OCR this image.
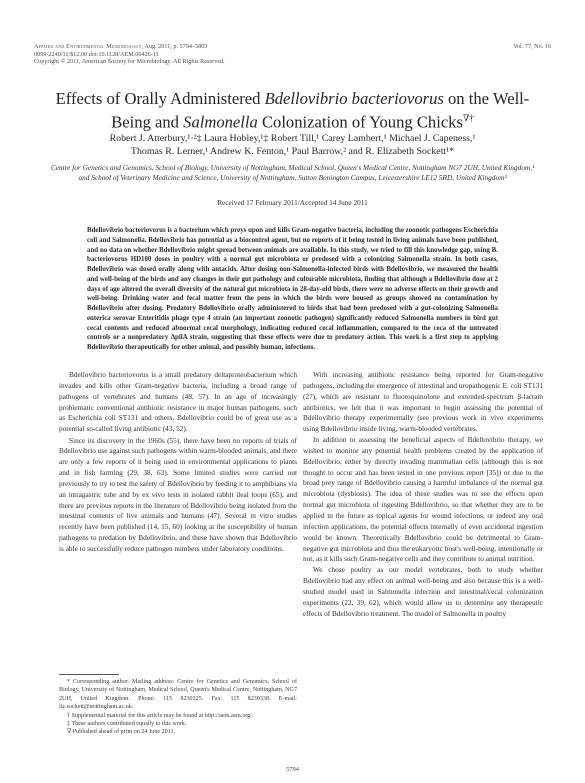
Applied and Environmental Microbiology, Aug. 2011, p. 5794–5803	Vol. 77, No. 16
0099-2240/11/$12.00 doi:10.1128/AEM.00426-11
Copyright © 2011, American Society for Microbiology. All Rights Reserved.
Effects of Orally Administered Bdellovibrio bacteriovorus on the Well-Being and Salmonella Colonization of Young Chicks∇†
Robert J. Atterbury,¹·²‡ Laura Hobley,¹‡ Robert Till,¹ Carey Lambert,¹ Michael J. Capeness,¹
Thomas R. Lerner,¹ Andrew K. Fenton,¹ Paul Barrow,² and R. Elizabeth Sockett¹*
Centre for Genetics and Genomics, School of Biology, University of Nottingham, Medical School, Queen's Medical Centre, Nottingham NG7 2UH, United Kingdom,¹ and School of Veterinary Medicine and Science, University of Nottingham, Sutton Bonington Campus, Leicestershire LE12 5RD, United Kingdom²
Received 17 February 2011/Accepted 14 June 2011
Bdellovibrio bacteriovorus is a bacterium which preys upon and kills Gram-negative bacteria, including the zoonotic pathogens Escherichia coli and Salmonella. Bdellovibrio has potential as a biocontrol agent, but no reports of it being tested in living animals have been published, and no data on whether Bdellovibrio might spread between animals are available. In this study, we tried to fill this knowledge gap, using B. bacteriovorus HD100 doses in poultry with a normal gut microbiota or predosed with a colonizing Salmonella strain. In both cases, Bdellovibrio was dosed orally along with antacids. After dosing non-Salmonella-infected birds with Bdellovibrio, we measured the health and well-being of the birds and any changes in their gut pathology and culturable microbiota, finding that although a Bdellovibrio dose at 2 days of age altered the overall diversity of the natural gut microbiota in 28-day-old birds, there were no adverse effects on their growth and well-being. Drinking water and fecal matter from the pens in which the birds were housed as groups showed no contamination by Bdellovibrio after dosing. Predatory Bdellovibrio orally administered to birds that had been predosed with a gut-colonizing Salmonella enterica serovar Enteritidis phage type 4 strain (an important zoonotic pathogen) significantly reduced Salmonella numbers in bird gut cecal contents and reduced abnormal cecal morphology, indicating reduced cecal inflammation, compared to the ceca of the untreated controls or a nonpredatory ΔpilA strain, suggesting that these effects were due to predatory action. This work is a first step to applying Bdellovibrio therapeutically for other animal, and possibly human, infections.

Bdellovibrio bacteriovorus is a small predatory deltaproteobacterium which invades and kills other Gram-negative bacteria, including a broad range of pathogens of vertebrates and humans (48, 57). In an age of increasingly problematic conventional antibiotic resistance in major human pathogens, such as Escherichia coli ST131 and others, Bdellovibrio could be of great use as a potential so-called living antibiotic (43, 52).

Since its discovery in the 1960s (55), there have been no reports of trials of Bdellovibrio use against such pathogens within warm-blooded animals, and there are only a few reports of it being used in environmental applications to plants and in fish farming (29, 38, 63). Some limited studies were carried out previously to try to test the safety of Bdellovibrio by feeding it to amphibians via an intragastric tube and by ex vivo tests in isolated rabbit ileal loops (65), and there are previous reports in the literature of Bdellovibrio being isolated from the intestinal contents of live animals and humans (47). Several in vitro studies recently have been published (14, 15, 60) looking at the susceptibility of human pathogens to predation by Bdellovibrio, and these have shown that Bdellovibrio is able to successfully reduce pathogen numbers under laboratory conditions.

With increasing antibiotic resistance being reported for Gram-negative pathogens, including the emergence of intestinal and uropathogenic E. coli ST131 (27), which are resistant to fluoroquinolone and extended-spectrum β-lactam antibiotics, we felt that it was important to begin assessing the potential of Bdellovibrio therapy experimentally (see previous work in vivo experiments using Bdellovibrio inside living, warm-blooded vertebrates.

In addition to assessing the beneficial aspects of Bdellovibrio therapy, we wished to monitor any potential health problems created by the application of Bdellovibrio, either by directly invading mammalian cells (although this is not thought to occur and has been tested in one previous report [35]) or due to the broad prey range of Bdellovibrio causing a harmful imbalance of the normal gut microbiota (dysbiosis). The idea of these studies was to see the effects upon normal gut microbiota of ingesting Bdellovibrio, so that whether they are to be applied in the future as topical agents for wound infections, or indeed any oral infection applications, the potential effects internally of even accidental ingestion would be known. Theoretically Bdellovibrio could be detrimental to Gram-negative gut microbiota and thus the eukaryotic host's well-being, intentionally or not, as it kills such Gram-negative cells and they contribute to animal nutrition.

We chose poultry as our model vertebrates, both to study whether Bdellovibrio had any effect on animal well-being and also because this is a well-studied model used in Salmonella infection and intestinal/cecal colonization experiments (22, 39, 62), which would allow us to determine any therapeutic effects of Bdellovibrio treatment. The model of Salmonella in poultry

* Corresponding author. Mailing address: Centre for Genetics and Genomics, School of Biology, University of Nottingham, Medical School, Queen's Medical Centre, Nottingham, NG7 2UH, United Kingdom. Phone: 115 8230325. Fax: 115 8230338. E-mail: liz.sockett@nottingham.ac.uk.

† Supplemental material for this article may be found at http://aem.asm.org/.

‡ These authors contributed equally to this work.

∇ Published ahead of print on 24 June 2011.

5794
